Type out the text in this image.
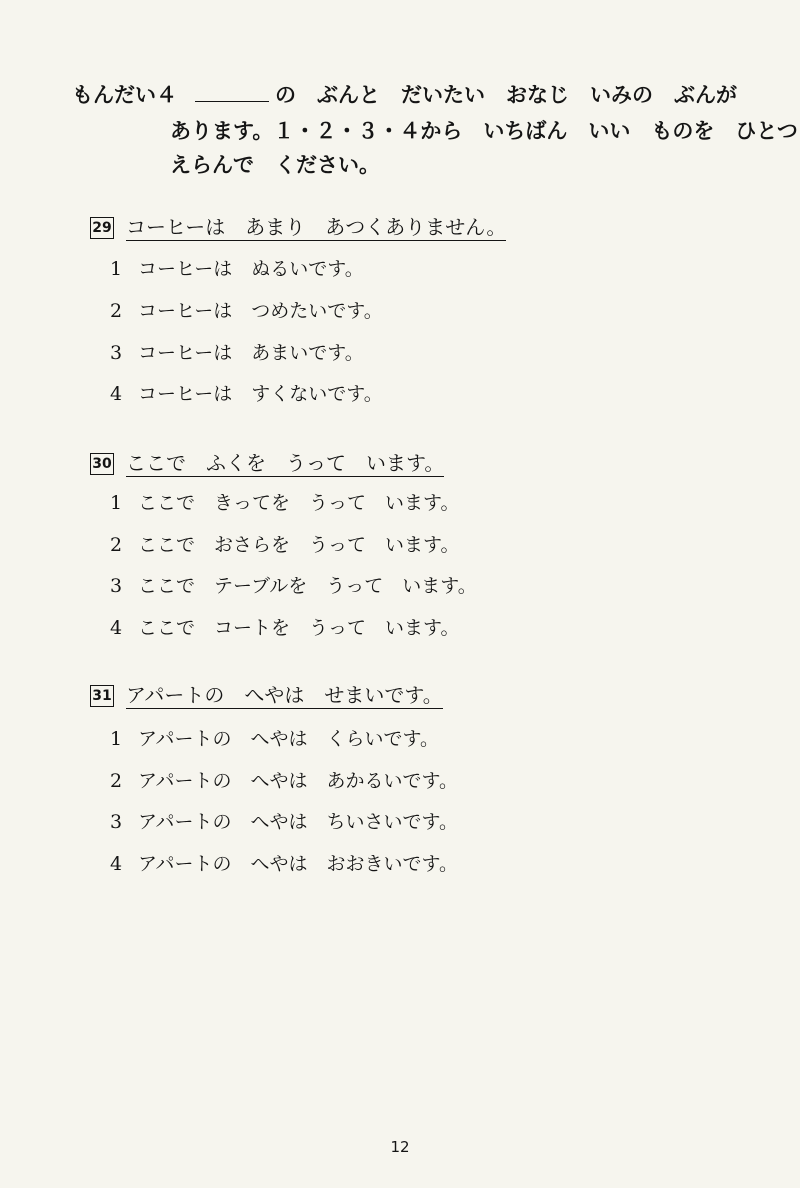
もんだい４	の　ぶんと　だいたい　おなじ　いみの　ぶんが
あります。１・２・３・４から　いちばん　いい　ものを　ひとつ
えらんで　ください。
29 コーヒーは　あまり　あつくありません。
1 コーヒーは　ぬるいです。
2 コーヒーは　つめたいです。
3 コーヒーは　あまいです。
4 コーヒーは　すくないです。
30 ここで　ふくを　うって　います。
1 ここで　きってを　うって　います。
2 ここで　おさらを　うって　います。
3 ここで　テーブルを　うって　います。
4 ここで　コートを　うって　います。
31 アパートの　へやは　せまいです。
1 アパートの　へやは　くらいです。
2 アパートの　へやは　あかるいです。
3 アパートの　へやは　ちいさいです。
4 アパートの　へやは　おおきいです。
12
